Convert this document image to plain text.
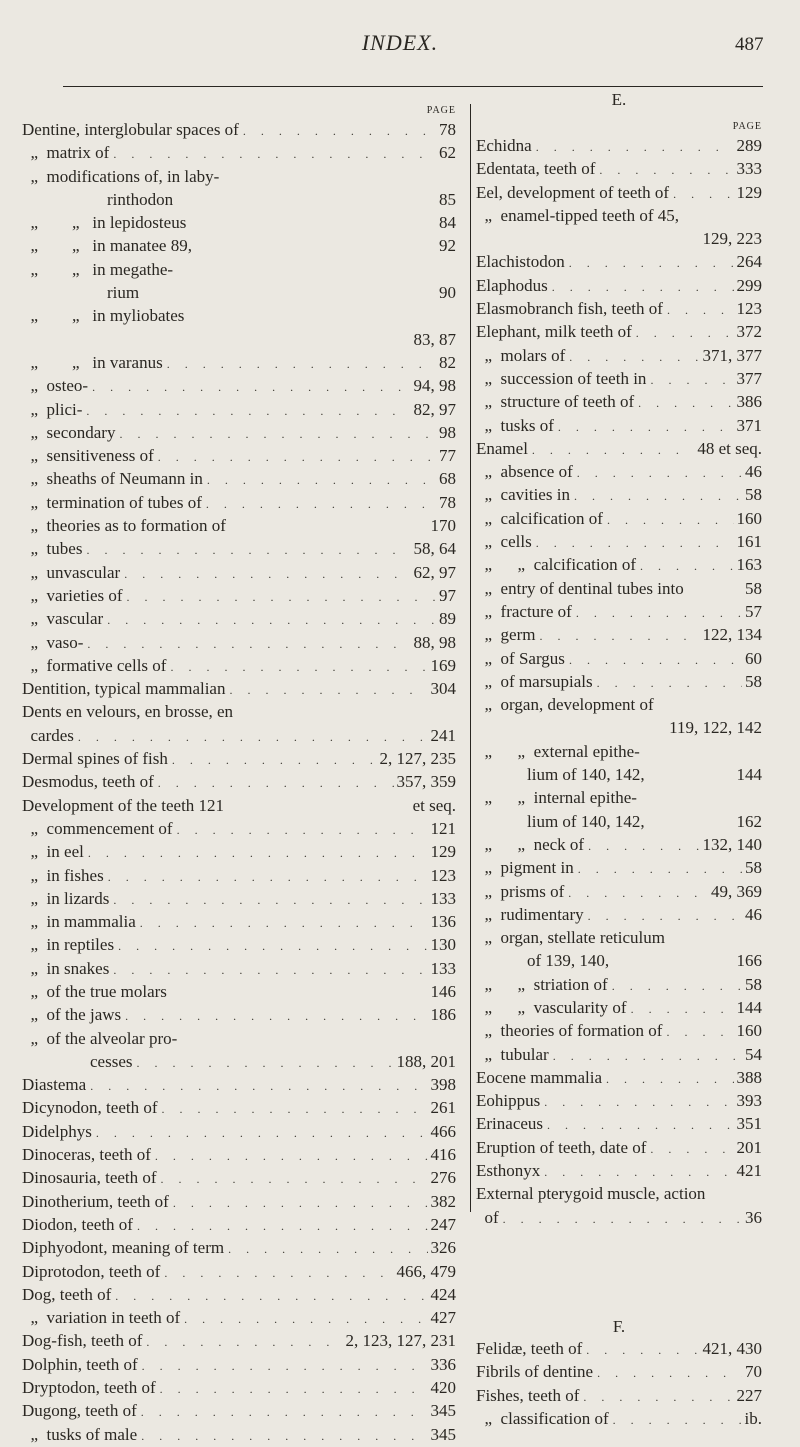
INDEX.	487
PAGE
Dentine, interglobular spaces of . . .	78
„  matrix of . . .	62
„  modifications of, in laby-
rinthodon	85
„        „   in lepidosteus	84
„        „   in manatee 89,	92
„        „   in megathe-
rium	90
„        „   in myliobates
83, 87
„        „   in varanus . . .	82
„  osteo- . . .	94, 98
„  plici- . . .	82, 97
„  secondary . . .	98
„  sensitiveness of . . .	77
„  sheaths of Neumann in . . .	68
„  termination of tubes of . . .	78
„  theories as to formation of	170
„  tubes . . .	58, 64
„  unvascular . . .	62, 97
„  varieties of . . .	97
„  vascular . . .	89
„  vaso- . . .	88, 98
„  formative cells of . . .	169
Dentition, typical mammalian . . .	304
Dents en velours, en brosse, en
cardes . . .	241
Dermal spines of fish . . .	2, 127, 235
Desmodus, teeth of . . .	357, 359
Development of the teeth 121	et seq.
„  commencement of . . .	121
„  in eel . . .	129
„  in fishes . . .	123
„  in lizards . . .	133
„  in mammalia . . .	136
„  in reptiles . . .	130
„  in snakes . . .	133
„  of the true molars	146
„  of the jaws . . .	186
„  of the alveolar pro-
cesses . . .	188, 201
Diastema . . .	398
Dicynodon, teeth of . . .	261
Didelphys . . .	466
Dinoceras, teeth of . . .	416
Dinosauria, teeth of . . .	276
Dinotherium, teeth of . . .	382
Diodon, teeth of . . .	247
Diphyodont, meaning of term . . .	326
Diprotodon, teeth of . . .	466, 479
Dog, teeth of . . .	424
„  variation in teeth of . . .	427
Dog-fish, teeth of . . .	2, 123, 127, 231
Dolphin, teeth of . . .	336
Dryptodon, teeth of . . .	420
Dugong, teeth of . . .	345
„  tusks of male . . .	345
E.
PAGE
Echidna . . .	289
Edentata, teeth of . . .	333
Eel, development of teeth of . . .	129
„  enamel-tipped teeth of 45,
129, 223
Elachistodon . . .	264
Elaphodus . . .	299
Elasmobranch fish, teeth of . . .	123
Elephant, milk teeth of . . .	372
„  molars of . . .	371, 377
„  succession of teeth in . . .	377
„  structure of teeth of . . .	386
„  tusks of . . .	371
Enamel . . .	48 et seq.
„  absence of . . .	46
„  cavities in . . .	58
„  calcification of . . .	160
„  cells . . .	161
„      „  calcification of . . .	163
„  entry of dentinal tubes into	58
„  fracture of . . .	57
„  germ . . .	122, 134
„  of Sargus . . .	60
„  of marsupials . . .	58
„  organ, development of
119, 122, 142
„      „  external epithe-
lium of 140, 142,	144
„      „  internal epithe-
lium of 140, 142,	162
„      „  neck of . . .	132, 140
„  pigment in . . .	58
„  prisms of . . .	49, 369
„  rudimentary . . .	46
„  organ, stellate reticulum
of 139, 140,	166
„      „  striation of . . .	58
„      „  vascularity of . . .	144
„  theories of formation of . . .	160
„  tubular . . .	54
Eocene mammalia . . .	388
Eohippus . . .	393
Erinaceus . . .	351
Eruption of teeth, date of . . .	201
Esthonyx . . .	421
External pterygoid muscle, action
of . . .	36
F.
Felidæ, teeth of . . .	421, 430
Fibrils of dentine . . .	70
Fishes, teeth of . . .	227
„  classification of . . .	ib.
